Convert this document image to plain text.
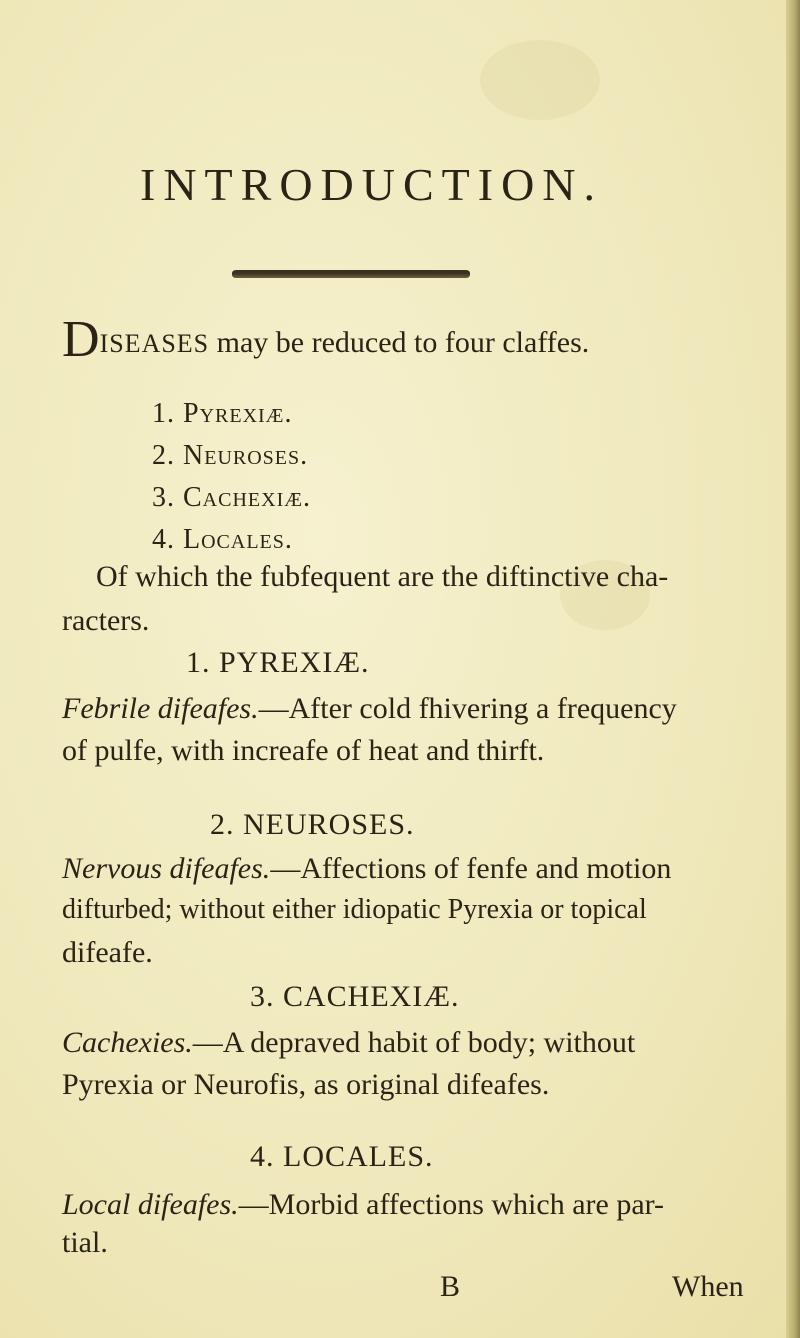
INTRODUCTION.
DISEASES may be reduced to four claffes.
1. Pyrexiæ.
2. Neuroses.
3. Cachexiæ.
4. Locales.
Of which the fubfequent are the diftinctive cha-
racters.
1. PYREXIÆ.
Febrile difeafes.—After cold fhivering a frequency
of pulfe, with increafe of heat and thirft.
2. NEUROSES.
Nervous difeafes.—Affections of fenfe and motion
difturbed; without either idiopatic Pyrexia or topical
difeafe.
3. CACHEXIÆ.
Cachexies.—A depraved habit of body; without
Pyrexia or Neurofis, as original difeafes.
4. LOCALES.
Local difeafes.—Morbid affections which are par-
tial.
B	When
